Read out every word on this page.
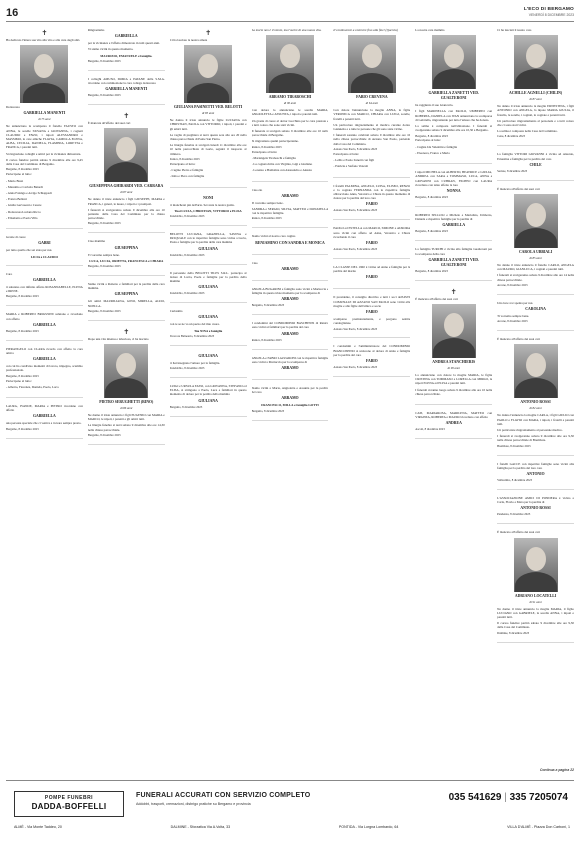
16	L'ECO DI BERGAMO
VENERDÌ 8 DICEMBRE 2023
✝

Ha dedicato l'intera sua vita alla vita e alla cura degli altri.

Dottoressa

GABRIELLA MANENTI
di 75 anni

Ne annunciano la scomparsa il fratello FAUSTO con ANNA, le sorelle SILVANA e GIOVANNA, i cognati CLAUDIO e ENZO, i nipoti ALESSANDRO e MASSIMO, le care amiche FLAVIA, CAMILLA ELENA, ALBA, CECILIA, DANIELA, FLAMINIA, LORETTA e FRANCA, i parenti tutti.

Si ringraziano colleghi e amici per la vicinanza dimostrata.

Il corteo funebre partirà sabato 9 dicembre alle ore 9,45 dalla Casa del Commiato di Bergamo.

Bergamo, 8 dicembre 2023

Partecipano al lutto:

- Mario Bresi

- Massimo e Carlotta Baiardi

- Anna Falanga e Arrigo Schiappadi

- Franca Belloni

- Giulia Gervasoni e Cesare

- Dottoressa Luciana Ricco

- Elisabetta e Paola Villa

Grazie di cuore

GABRI

per tutto quello che sei stata per noi.

LICIA e CLAUDIO

Caro

GABRIELLA

ti salutano con infinito affetto ROSANNABELLE, ELENA e IRENE.

Bergamo, 8 dicembre 2023

MARIA e ROBERTO BROZZONI salutano e ricordano con affetto

GABRIELLA
Bergamo, 8 dicembre 2023

PIERANGELO con CLARA ricorda con affetto la cara amica

GABRIELLA

con cui ha condiviso momenti di lavoro, impegno, scambio professionale.

Bergamo, 8 dicembre 2023

Partecipano al lutto:

- Alberto, Fiorenza, Daniela, Paolo, Luca

LAURA, IVANOE, MARIA e PIETRO ricordano con affetto

GABRIELLA

una persona speciale che ci veniva a trovare sempre presto.

Bergamo, 8 dicembre 2023

Ringraziamo

GABRIELLA

per la vicinanza e l'affetto dimostrato in tutti questi anni.

Vi siamo vicini in questo momento.

MAURIZIO, EMANUELE e famiglia.
Bergamo, 8 dicembre 2023

I colleghi AMUSO, DORIA e PATANE della S.M.A. ricordano con commozione la cara collega dottoressa

GABRIELLA MANENTI
Bergamo, 8 dicembre 2023
✝

È mancata all'affetto dei suoi cari

GIUSEPPINA GHIRARDI VED. CARRARA
di 87 anni

Ne danno il triste annuncio i figli GIUSEPPE, MARIA e FRANCA, i generi, le nuore, i nipoti e i pronipoti.

I funerali si svolgeranno sabato 9 dicembre alle ore 10 partendo dalla Casa del Commiato per la chiesa parrocchiale.

Bergamo, 8 dicembre 2023

Ciao mamma

GIUSEPPINA

Ti vorremo sempre bene.

LUCA, LUCIA, ORIETTA, FRANCESCA e CHIARA
Bergamo, 8 dicembre 2023

Siamo vicini a Roberto e familiari per la perdita della cara mamma.

GIUSEPPINA

Gli amici MAURILIANA, GINO, MIRELLA, ALDO, NOELLA.

Bergamo, 8 dicembre 2023
✝

Dopo una vita intensa e laboriosa, ci ha lasciato

PIETRO SERUGHETTI (RINO)
di 86 anni

Ne danno il triste annuncio i figli EUGENIO con MARIA e MARCO, le nipoti, i parenti e gli amici tutti.

La liturgia funebre si terrà sabato 9 dicembre alle ore 14,30 nella chiesa parrocchiale.

Bergamo, 8 dicembre 2023
✝

Ci ha lasciato la nostra amata

GIULIANA PASINETTI VED. BELOTTI
di 85 anni

Ne danno il triste annuncio le figlie LUCIANA con CHRISTIAN, PAOLA con VITTORIO, i nipoti, i parenti e gli amici tutti.

La veglia di preghiera si terrà questa sera alle ore 20 nella chiesa parrocchiale di Ponte San Pietro.

La liturgia funebre si svolgerà lunedì 11 dicembre alle ore 10 nella parrocchiale di Gorle, seguirà il trasporto al cimitero.

Zanica, 8 dicembre 2023

Partecipano al lutto:

- Cugino Pietro e famiglia

- Irma e Piero con famiglie

NONI

ci mancherai più dell'aria. Sei stata la nostra guida.

Tuoi LUCIA, CHRISTIAN, VITTORIO e ELISA
Zandobbio, 8 dicembre 2023

BELOTTI LUCIANA, GRAZIELLA, SAVINA e PASQUALE con le rispettive famiglie sono vicine a Lucia, Paola e famiglie per la perdita della cara mamma

GIULIANA
Zandobbio, 8 dicembre 2023

Il personale della BELOTTI TILES S.R.L. partecipa al dolore di Lucia, Paola e famiglie per la perdita della mamma

GIULIANA
Zandobbio, 8 dicembre 2023

Carissima

GIULIANA

con te se ne va un pezzo del mio cuore.

Tua NINA e famiglia
Trescore Balneario, 8 dicembre 2023
GIULIANA

ci hai insegnato l'amore per la famiglia.

Zandobbio, 8 dicembre 2023

LUIGI e URSULA FASSI, con GIOVANNA, STEFANO ed ELISA, si stringono a Paola, Luca e familiari in questo momento di dolore per la perdita della mamma

GIULIANA
Bergamo, 8 dicembre 2023

La morte non è il niente, ma l'uscire di una nuova vita.

ABRAMO TIRABOSCHI
di 90 anni

Con dolore lo annunciano le sorelle MARIA, ANGIOLETTA e ASSUNTA, i nipoti e parenti tutti.

Un grazie di cuore al dottor Lucchina per le cure prestate e a tutti coloro che sono stati vicini.

Il funerale si svolgerà sabato 9 dicembre alle ore 10 nella parrocchiale di Bergamo.

Si ringraziano quanti parteciperanno.

Ranica, 8 dicembre 2023

Partecipano al lutto:

- Mariangela Tiraboschi e famiglia

- La cognata Irma con Virginia, Gigi e Giuliano

- Lorenzo e Battistina con Alessandro e Alessia

Ciao zio

ABRAMO

Ti vorremo sempre bene.

SANDRA e SERGIO, SILVIA, MATTEO e DONATELLA con le rispettive famiglie.

Ranica, 8 dicembre 2023

Siamo vicini al nostro caro cugino

BENIAMINO CON SANDRA E MONICA

Ciao

ABRAMO

ANGELA BUGARINI e famiglia sono vicini a Mariuccia e famiglia in questo triste momento per la scomparsa di

ABRAMO
Bergamo, 8 dicembre 2023

I condomini del CONDOMINIO BASCHENIS di Ranica sono vicini ai familiari per la perdita del caro

ABRAMO
Ranica, 8 dicembre 2023

ANGELA e FABIO LAZZARONI con le rispettive famiglie sono vicini a Mariuccia per la scomparsa di

ABRAMO

Siamo vicini a Maria, Angioletta e Assunta per la perdita del caro

ABRAMO
FRANCESCO, MILLA e famiglia GOTTI
Bergamo, 8 dicembre 2023

Il continuerete a costruire fino alla fine! (Quercia)

FABIO CREVENA
di 64 anni

Con dolore l'annunciano la moglie ANNA, le figlie VERONICA con MARCO, CHIARA con LUIGI, sorelle, fratelli e parenti tutti.

Un particolare ringraziamento al medico curante dottor Giannetta e a tutte le persone che gli sono state vicine.

I funerali saranno celebrati sabato 9 dicembre alle ore 10 nella chiesa parrocchiale di Azzano San Paolo, partendo dalla Casa del Commiato.

Azzano San Paolo, 8 dicembre 2023

Partecipano al lutto:

- Lellis e Paolo Zanetti con figli

- Patrizia e Stefano Vezzoli

I fratelli PALMINA, ANGELO, LUISA, ELISEO, RENZO e la cognata FERNANDA con le rispettive famiglie abbracciano Anna, Veronica e Chiara in questo momento di dolore per la perdita del loro caro

FABIO
Azzano San Paolo, 8 dicembre 2023

PAOLO ed ESTELLA con MARCO, SIMONE e AURORA sono vicini con affetto ad Anna, Veronica e Chiara ricordando il caro

FABIO
Azzano San Paolo, 8 dicembre 2023

LA CLASSE DEL 1960 è vicina ad Anna e famiglia per la perdita del marito

FABIO

Il presidente, il consiglio direttivo e tutti i soci dell'AVIS COMUNALE DI AZZANO SAN PAOLO sono vicini alla moglie e alle figlie dell'amico e socio

FABIO

scomparso prematuramente, e porgono sentite condoglianze.

Azzano San Paolo, 8 dicembre 2023

I condomini e l'amministratore del CONDOMINIO BIANCOSPINO si uniscono al dolore di Anna e famiglia per la perdita del caro

FABIO
Azzano San Paolo, 8 dicembre 2023

La nostra cara mamma

GABRIELLA ZANETTI VED. GUALTERONI

ha raggiunto il suo Giancarlo.

I figli MARINELLA con PAOLO, UMBERTO con ROBERTA, DANIELA con IVAN annunciano la scomparsa di Gabriella, ringraziando per tutto l'amore che ha donato.

La salma è composta nell'abitazione. I funerali si svolgeranno sabato 9 dicembre alle ore 10,30 a Bergamo.

Bergamo, 8 dicembre 2023

Partecipano al lutto:

- Cugina Ida Valentini e famiglia

- Eleonora, Franco e Maria

I nipoti MICHELA con ALBERTO, BEATRICE e GIULIA, ANDREA con SARA e TOMMASO, LUCA, ANNA e GIOVANNI con CUBRAN, FILIPPO con LAURA ricordano con tanto affetto la loro

NONNA
Bergamo, 8 dicembre 2023

ROBERTO SELLOLI e Michele e Mariolina, Umberto, Daniela e rispettive famiglie per la perdita di

GABRIELLA
Bergamo, 8 dicembre 2023

La famiglia TURCHI è vicina alla famiglia Gualteroni per la scomparsa della cara

GABRIELLA ZANETTI VED. GUALTERONI
Bergamo, 8 dicembre 2023
✝

È mancata all'affetto dei suoi cari

ANDREA STANCHIERIS
di 90 anni

La annunciano con dolore la moglie MARIA, le figlie CRISTINA con TOMMASO e LORELLA con MIRKO, le nipoti ELENA ed ELISA e parenti tutti.

I funerali avranno luogo sabato 9 dicembre alle ore 10 nella chiesa parrocchiale.

CATI, MARIAROSA, MARILENA, MATTEO con VIRGINIA, ROBERTA e MAURO ricordano con affetto

ANDREA
Ascoli, 8 dicembre 2023

Ci ha lasciati il nostro caro

ACHILLE AGNELLI (CHILIN)
di 87 anni

Ne danno il triste annuncio la moglie ERNESTINA, i figli ANTONIO con ANGELA, la nipote MARIA GIULIA, il fratello, le sorelle, i cognati, le cognate e parenti tutti.

Un particolare ringraziamento al personale e a tutti coloro che ci sono stati vicini.

La salma è composta nella Casa del Commiato.

Cene, 8 dicembre 2023

La famiglia VITTORI GIOVANNI è vicina ad Antonio, Ernestina e famiglia per la perdita del caro

CHILE
Seriate, 8 dicembre 2023

È mancata all'affetto dei suoi cari

CAROLA UBBIALI
di 85 anni

Ne danno il triste annuncio il fratello CARLO, ANGELA con MAURO, GIANLUCA, i cognati e parenti tutti.

I funerali si svolgeranno sabato 9 dicembre alle ore 14 nella chiesa parrocchiale.

Arcene, 8 dicembre 2023

Una luce si è spenta per noi.

CAROLINA

Ti vorremo sempre bene.

Arcene, 8 dicembre 2023

È mancato all'affetto dei suoi cari

ANTONIO ROSSI
di 82 anni

Ne danno l'annuncio la moglie CARLA, i figli GIULIO con PAOLO e FLAVIO con MARA, i nipoti, i fratelli e parenti tutti.

Un particolare ringraziamento al personale medico.

I funerali si svolgeranno sabato 9 dicembre alle ore 9,30 nella chiesa parrocchiale di Brembate.

Brembate, 8 dicembre 2023

I fratelli GACCE con rispettive famiglie sono vicini alla famiglia per la perdita del loro caro

ANTONIO
Valbrembo, 8 dicembre 2023

L'ASSOCIAZIONE AMICI DI PONDERA è vicina a Carla, Flavio e Mara per la perdita di

ANTONIO ROSSI
Pandenza, 8 dicembre 2023

È mancato all'affetto dei suoi cari

ADRIANO LOCATELLI
di 91 anni

Ne danno il triste annuncio la moglie MARIA, il figlio LUCIANO con GABRIELE, la sorella ANNA, i nipoti e parenti tutti.

Il corteo funebre partirà sabato 9 dicembre alle ore 9,30 dalla Casa del Commiato.

Dalmine, 8 dicembre 2023
Continua a pagina 22
POMPE FUNEBRI
DADDA-BOFFELLI
FUNERALI ACCURATI CON SERVIZIO COMPLETO
Addobbi, trasporti, cremazioni, disbrigo pratiche su Bergamo e provincia
035 541629 | 335 7205074
ALMÈ - Via Monte Taddeo, 20	DALMINE - Sforzatica Via A.Volta, 33	PONTIDA - Via Lorgna Lombardo, 64	VILLA D'ALMÈ - Piazza Don Carboni, 1
